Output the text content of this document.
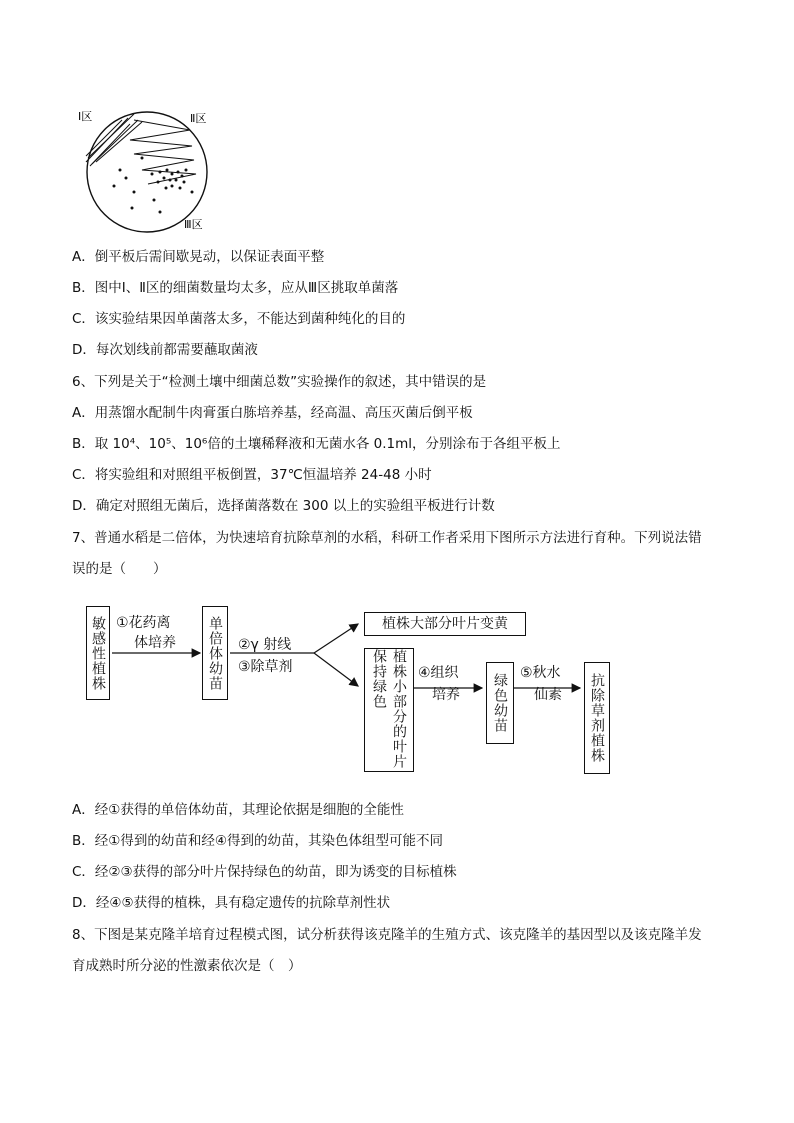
Ⅰ区	Ⅱ区
Ⅲ区
A．倒平板后需间歇晃动，以保证表面平整
B．图中Ⅰ、Ⅱ区的细菌数量均太多，应从Ⅲ区挑取单菌落
C．该实验结果因单菌落太多，不能达到菌种纯化的目的
D．每次划线前都需要蘸取菌液
6、下列是关于“检测土壤中细菌总数”实验操作的叙述，其中错误的是
A．用蒸馏水配制牛肉膏蛋白胨培养基，经高温、高压灭菌后倒平板
B．取 10⁴、10⁵、10⁶倍的土壤稀释液和无菌水各 0.1ml，分别涂布于各组平板上
C．将实验组和对照组平板倒置，37℃恒温培养 24-48 小时
D．确定对照组无菌后，选择菌落数在 300 以上的实验组平板进行计数
7、普通水稻是二倍体，为快速培育抗除草剂的水稻，科研工作者采用下图所示方法进行育种。下列说法错
误的是（　　）
敏感性植株 ①花药离
体培养	单倍体幼苗	②γ 射线
③除草剂
植株大部分叶片变黄
植株小部分的叶片保持绿色	④组织
培养	绿色幼苗 ⑤秋水
仙素	抗除草剂植株
A．经①获得的单倍体幼苗，其理论依据是细胞的全能性
B．经①得到的幼苗和经④得到的幼苗，其染色体组型可能不同
C．经②③获得的部分叶片保持绿色的幼苗，即为诱变的目标植株
D．经④⑤获得的植株，具有稳定遗传的抗除草剂性状
8、下图是某克隆羊培育过程模式图，试分析获得该克隆羊的生殖方式、该克隆羊的基因型以及该克隆羊发
育成熟时所分泌的性激素依次是（　）
